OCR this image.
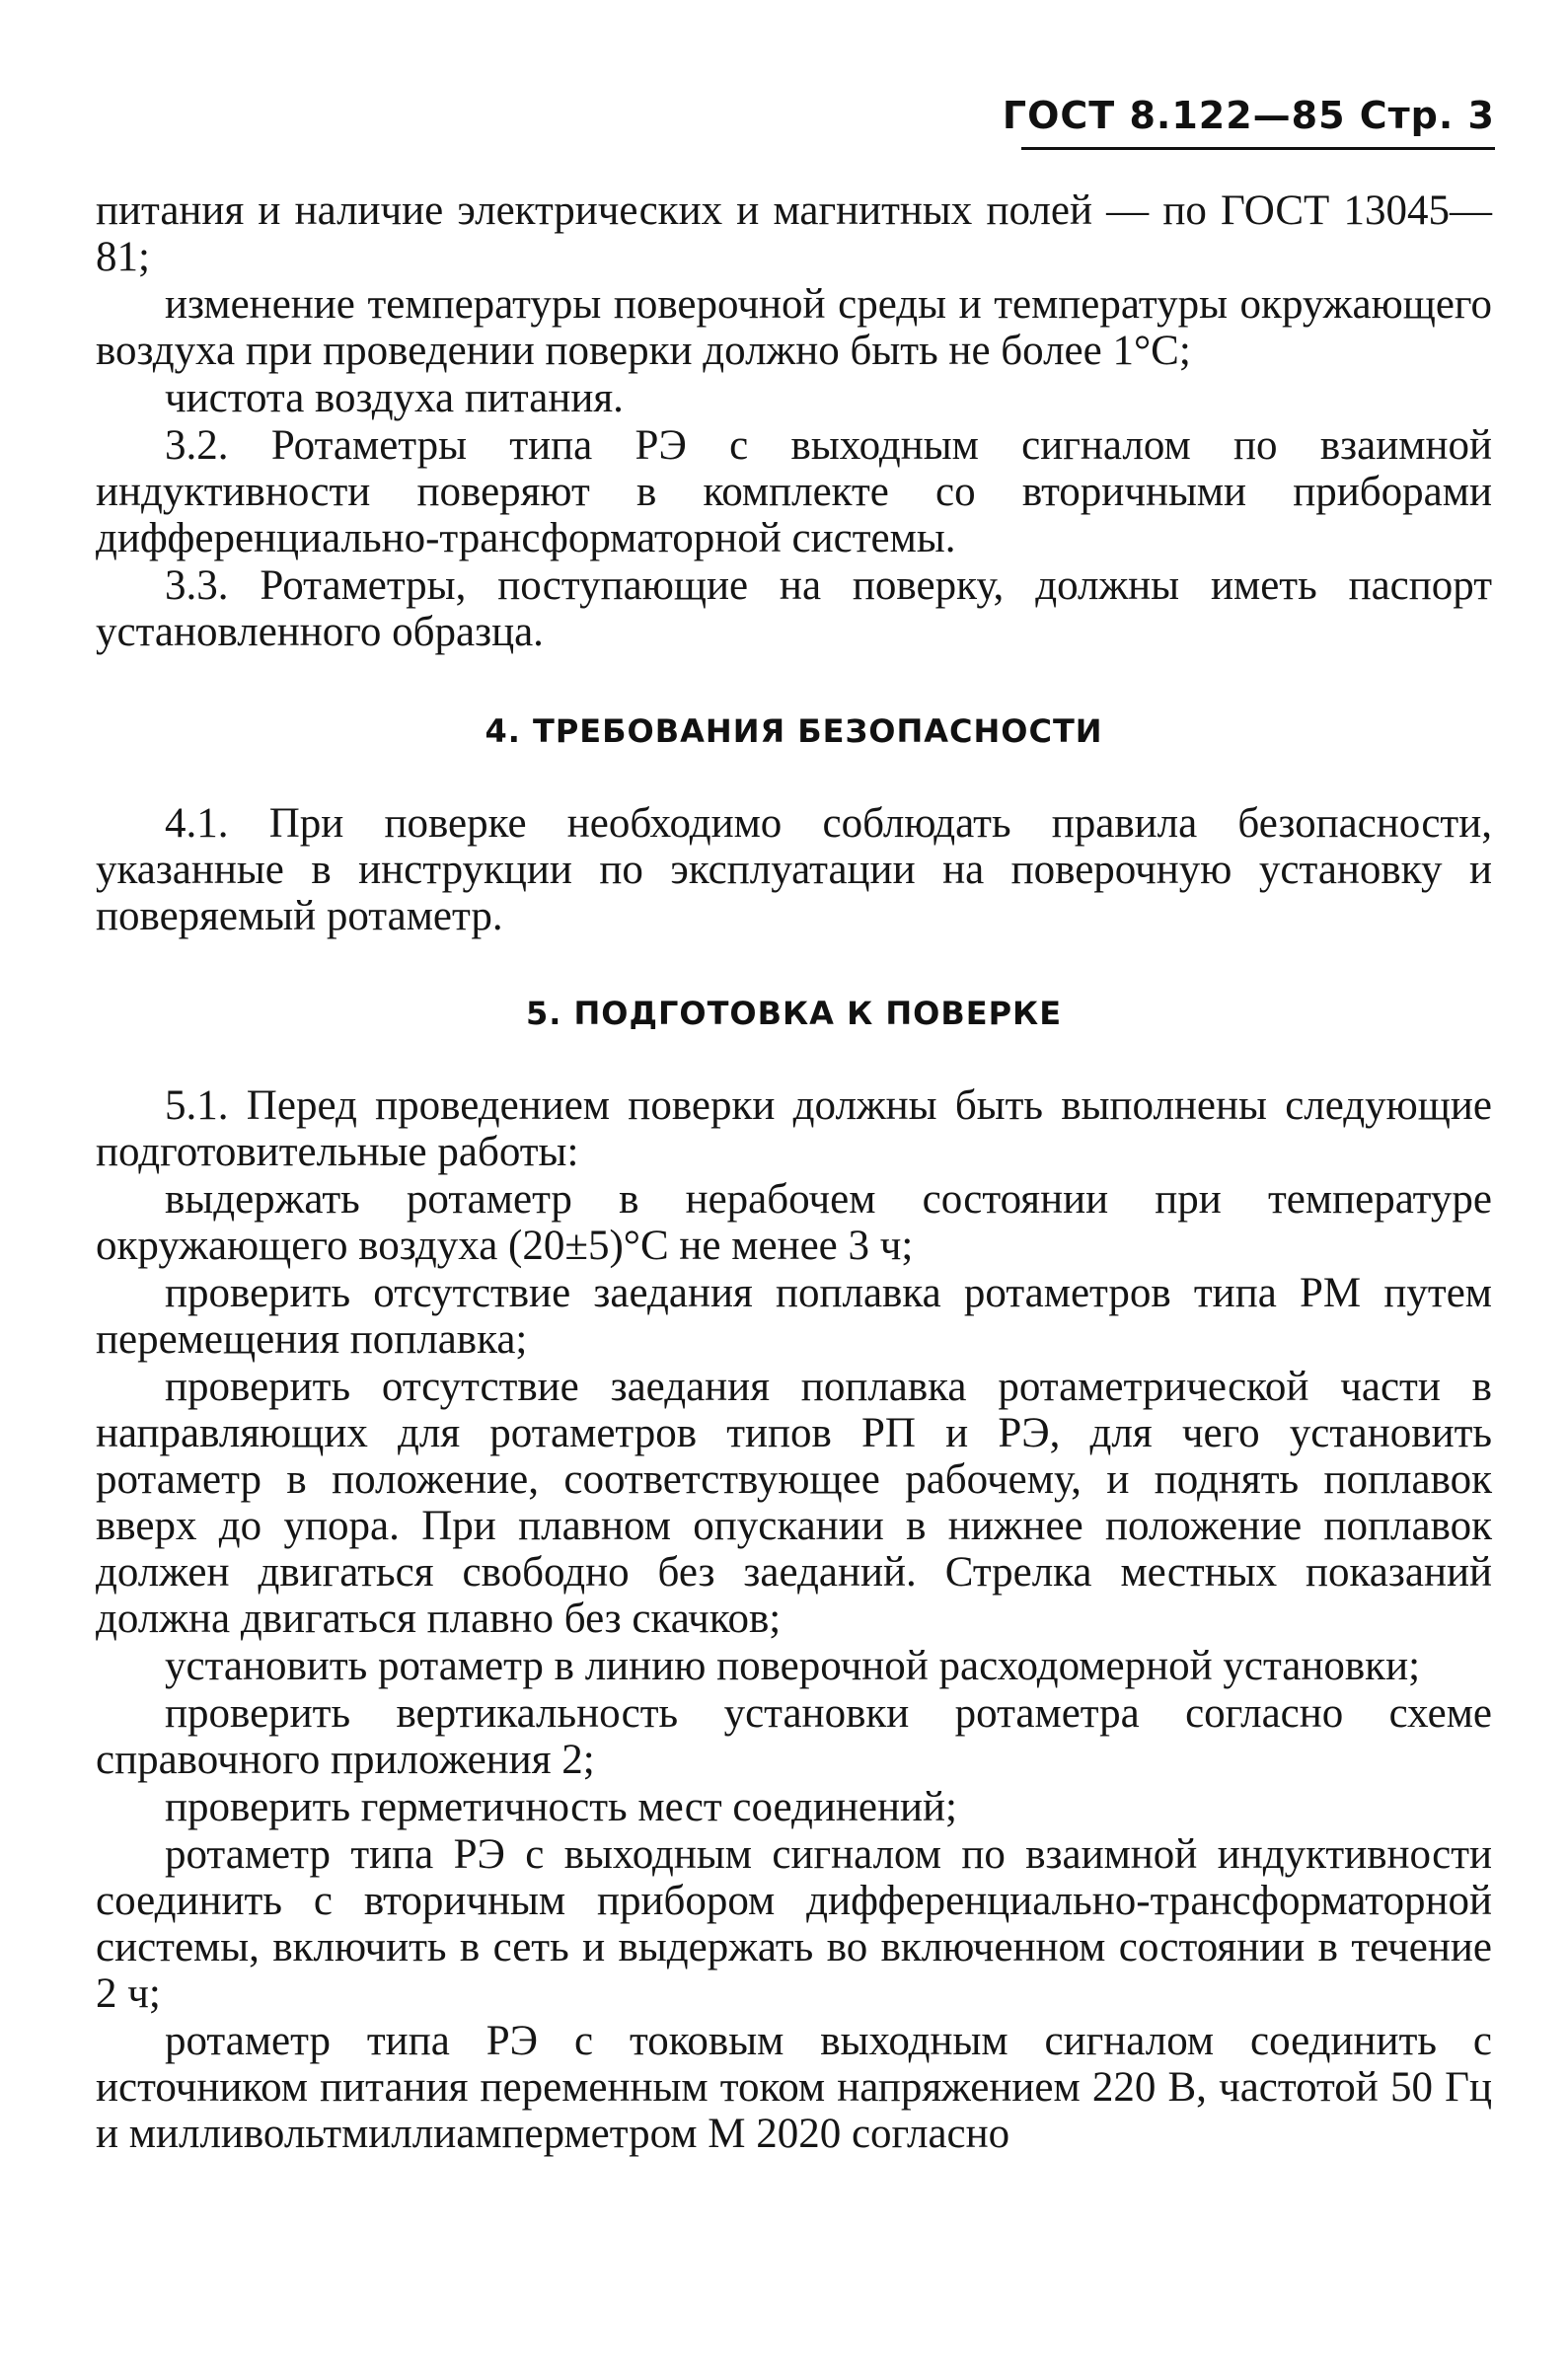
ГОСТ 8.122—85 Стр. 3

питания и наличие электрических и магнитных полей — по ГОСТ 13045—81;

изменение температуры поверочной среды и температуры окружающего воздуха при проведении поверки должно быть не более 1°С;

чистота воздуха питания.

3.2. Ротаметры типа РЭ с выходным сигналом по взаимной индуктивности поверяют в комплекте со вторичными приборами дифференциально-трансформаторной системы.

3.3. Ротаметры, поступающие на поверку, должны иметь паспорт установленного образца.

4. ТРЕБОВАНИЯ БЕЗОПАСНОСТИ

4.1. При поверке необходимо соблюдать правила безопасности, указанные в инструкции по эксплуатации на поверочную установку и поверяемый ротаметр.

5. ПОДГОТОВКА К ПОВЕРКЕ

5.1. Перед проведением поверки должны быть выполнены следующие подготовительные работы:

выдержать ротаметр в нерабочем состоянии при температуре окружающего воздуха (20±5)°С не менее 3 ч;

проверить отсутствие заедания поплавка ротаметров типа РМ путем перемещения поплавка;

проверить отсутствие заедания поплавка ротаметрической части в направляющих для ротаметров типов РП и РЭ, для чего установить ротаметр в положение, соответствующее рабочему, и поднять поплавок вверх до упора. При плавном опускании в нижнее положение поплавок должен двигаться свободно без заеданий. Стрелка местных показаний должна двигаться плавно без скачков;

установить ротаметр в линию поверочной расходомерной установки;

проверить вертикальность установки ротаметра согласно схеме справочного приложения 2;

проверить герметичность мест соединений;

ротаметр типа РЭ с выходным сигналом по взаимной индуктивности соединить с вторичным прибором дифференциально-трансформаторной системы, включить в сеть и выдержать во включенном состоянии в течение 2 ч;

ротаметр типа РЭ с токовым выходным сигналом соединить с источником питания переменным током напряжением 220 В, частотой 50 Гц и милливольтмиллиамперметром М 2020 согласно
